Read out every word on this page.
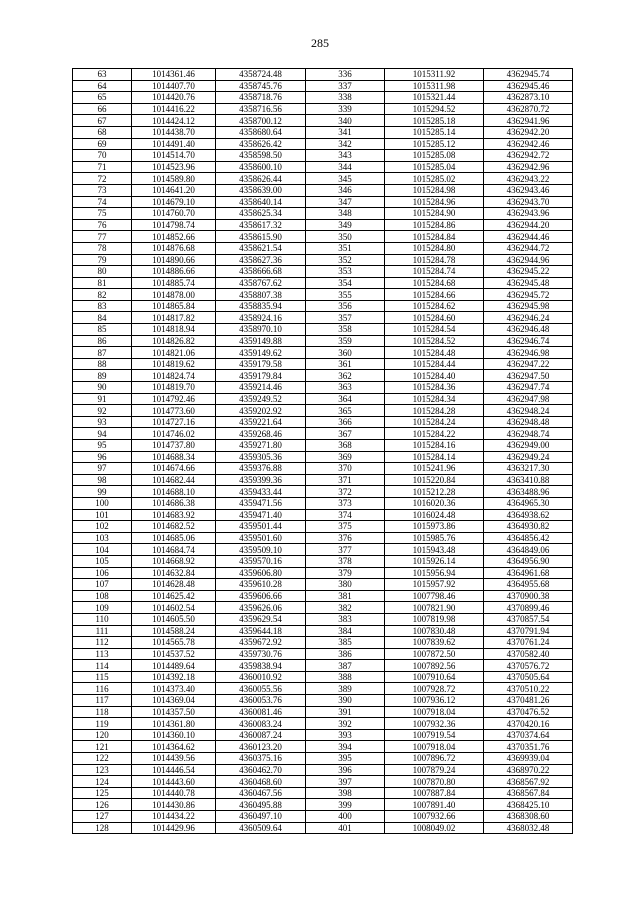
285
63	1014361.46	4358724.48	336	1015311.92	4362945.74
64	1014407.70	4358745.76	337	1015311.98	4362945.46
65	1014420.76	4358718.76	338	1015321.44	4362873.10
66	1014416.22	4358716.56	339	1015294.52	4362870.72
67	1014424.12	4358700.12	340	1015285.18	4362941.96
68	1014438.70	4358680.64	341	1015285.14	4362942.20
69	1014491.40	4358626.42	342	1015285.12	4362942.46
70	1014514.70	4358598.50	343	1015285.08	4362942.72
71	1014523.96	4358600.10	344	1015285.04	4362942.96
72	1014589.80	4358626.44	345	1015285.02	4362943.22
73	1014641.20	4358639.00	346	1015284.98	4362943.46
74	1014679.10	4358640.14	347	1015284.96	4362943.70
75	1014760.70	4358625.34	348	1015284.90	4362943.96
76	1014798.74	4358617.32	349	1015284.86	4362944.20
77	1014852.66	4358615.90	350	1015284.84	4362944.46
78	1014876.68	4358621.54	351	1015284.80	4362944.72
79	1014890.66	4358627.36	352	1015284.78	4362944.96
80	1014886.66	4358666.68	353	1015284.74	4362945.22
81	1014885.74	4358767.62	354	1015284.68	4362945.48
82	1014878.00	4358807.38	355	1015284.66	4362945.72
83	1014865.84	4358835.94	356	1015284.62	4362945.98
84	1014817.82	4358924.16	357	1015284.60	4362946.24
85	1014818.94	4358970.10	358	1015284.54	4362946.48
86	1014826.82	4359149.88	359	1015284.52	4362946.74
87	1014821.06	4359149.62	360	1015284.48	4362946.98
88	1014819.62	4359179.58	361	1015284.44	4362947.22
89	1014824.74	4359179.84	362	1015284.40	4362947.50
90	1014819.70	4359214.46	363	1015284.36	4362947.74
91	1014792.46	4359249.52	364	1015284.34	4362947.98
92	1014773.60	4359202.92	365	1015284.28	4362948.24
93	1014727.16	4359221.64	366	1015284.24	4362948.48
94	1014746.02	4359268.46	367	1015284.22	4362948.74
95	1014737.80	4359271.80	368	1015284.16	4362949.00
96	1014688.34	4359305.36	369	1015284.14	4362949.24
97	1014674.66	4359376.88	370	1015241.96	4363217.30
98	1014682.44	4359399.36	371	1015220.84	4363410.88
99	1014688.10	4359433.44	372	1015212.28	4363488.96
100	1014686.38	4359471.56	373	1016020.36	4364965.30
101	1014683.92	4359471.40	374	1016024.48	4364938.62
102	1014682.52	4359501.44	375	1015973.86	4364930.82
103	1014685.06	4359501.60	376	1015985.76	4364856.42
104	1014684.74	4359509.10	377	1015943.48	4364849.06
105	1014668.92	4359570.16	378	1015926.14	4364956.90
106	1014632.84	4359606.80	379	1015956.94	4364961.68
107	1014628.48	4359610.28	380	1015957.92	4364955.68
108	1014625.42	4359606.66	381	1007798.46	4370900.38
109	1014602.54	4359626.06	382	1007821.90	4370899.46
110	1014605.50	4359629.54	383	1007819.98	4370857.54
111	1014588.24	4359644.18	384	1007830.48	4370791.94
112	1014565.78	4359672.92	385	1007839.62	4370761.24
113	1014537.52	4359730.76	386	1007872.50	4370582.40
114	1014489.64	4359838.94	387	1007892.56	4370576.72
115	1014392.18	4360010.92	388	1007910.64	4370505.64
116	1014373.40	4360055.56	389	1007928.72	4370510.22
117	1014369.04	4360053.76	390	1007936.12	4370481.26
118	1014357.50	4360081.46	391	1007918.04	4370476.52
119	1014361.80	4360083.24	392	1007932.36	4370420.16
120	1014360.10	4360087.24	393	1007919.54	4370374.64
121	1014364.62	4360123.20	394	1007918.04	4370351.76
122	1014439.56	4360375.16	395	1007896.72	4369939.04
123	1014446.54	4360462.70	396	1007879.24	4368970.22
124	1014443.60	4360468.60	397	1007870.80	4368567.92
125	1014440.78	4360467.56	398	1007887.84	4368567.84
126	1014430.86	4360495.88	399	1007891.40	4368425.10
127	1014434.22	4360497.10	400	1007932.66	4368308.60
128	1014429.96	4360509.64	401	1008049.02	4368032.48
